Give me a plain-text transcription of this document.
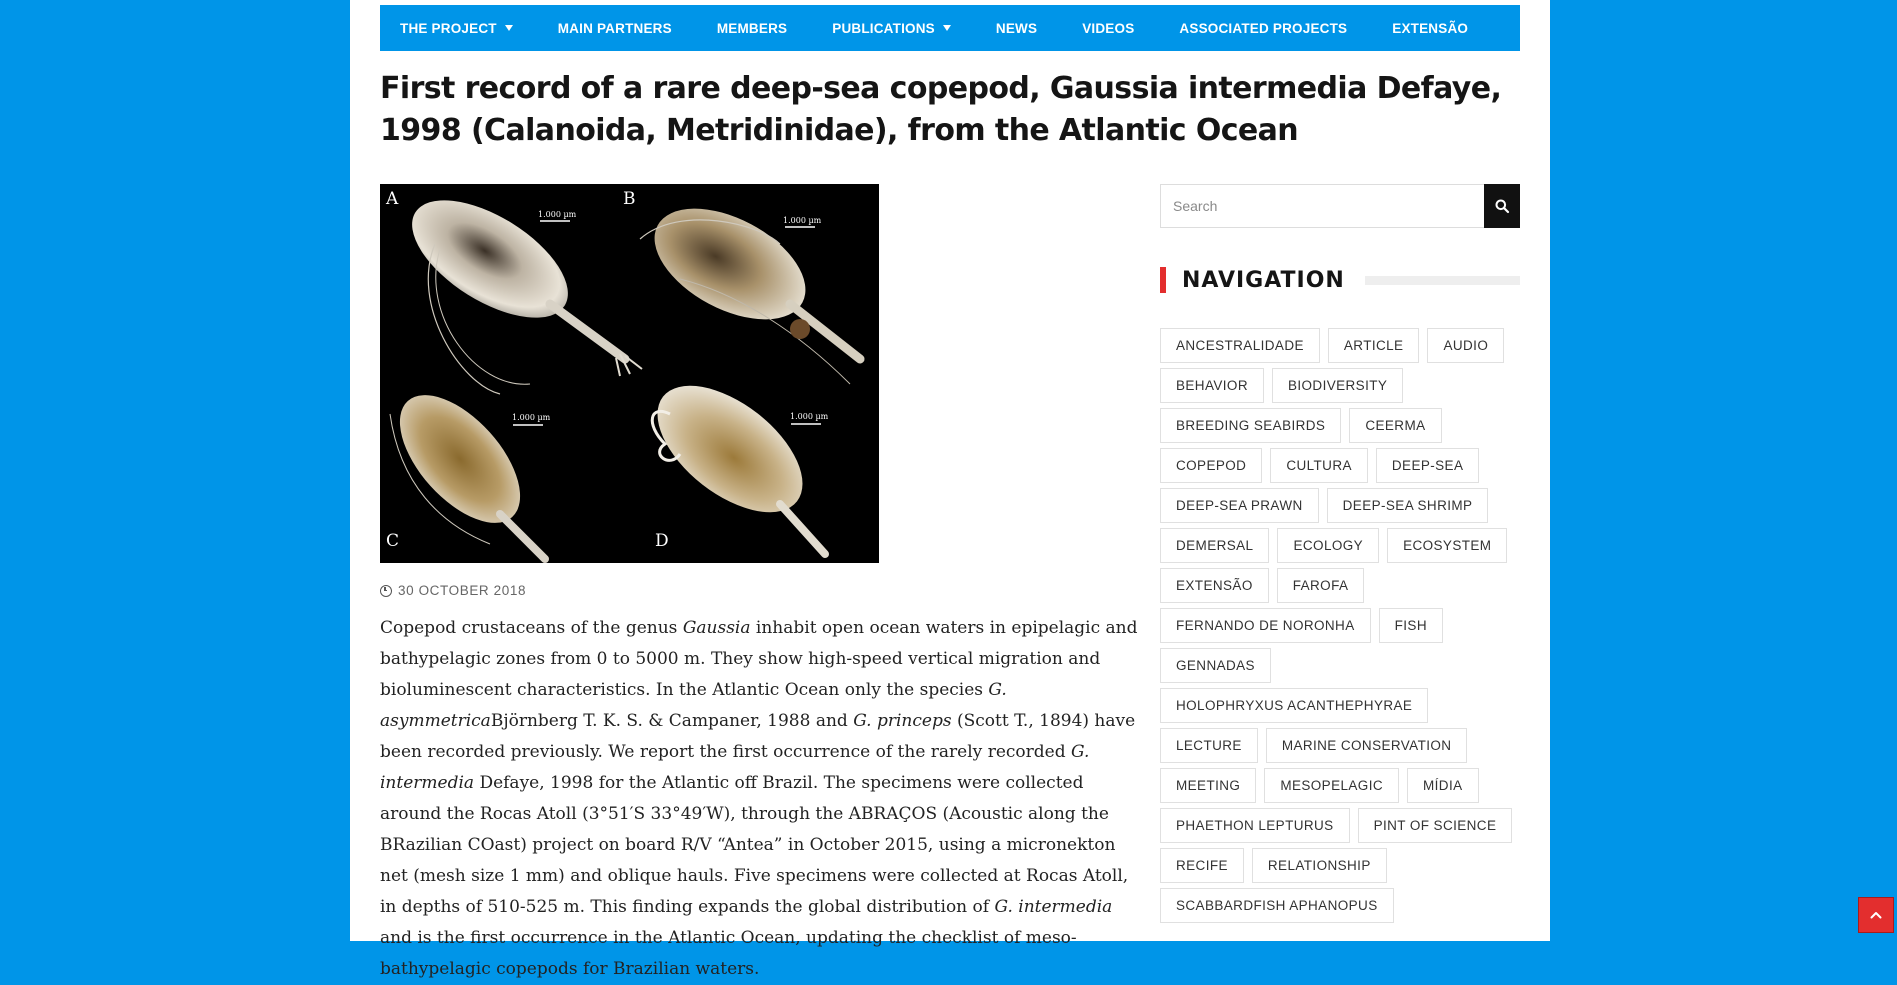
THE PROJECT	MAIN PARTNERS	MEMBERS	PUBLICATIONS	NEWS	VIDEOS	ASSOCIATED PROJECTS	EXTENSÃO
First record of a rare deep-sea copepod, Gaussia intermedia Defaye, 1998 (Calanoida, Metridinidae), from the Atlantic Ocean
1.000 µm
A
1.000 µm
B
1.000 µm
C
1.000 µm
D
30 OCTOBER 2018

Copepod crustaceans of the genus Gaussia inhabit open ocean waters in epipelagic and bathypelagic zones from 0 to 5000 m. They show high-speed vertical migration and bioluminescent characteristics. In the Atlantic Ocean only the species G. asymmetricaBjörnberg T. K. S. & Campaner, 1988 and G. princeps (Scott T., 1894) have been recorded previously. We report the first occurrence of the rarely recorded G. intermedia Defaye, 1998 for the Atlantic off Brazil. The specimens were collected around the Rocas Atoll (3°51′S 33°49′W), through the ABRAÇOS (Acoustic along the BRazilian COast) project on board R/V “Antea” in October 2015, using a micronekton net (mesh size 1 mm) and oblique hauls. Five specimens were collected at Rocas Atoll, in depths of 510-525 m. This finding expands the global distribution of G. intermedia and is the first occurrence in the Atlantic Ocean, updating the checklist of meso-bathypelagic copepods for Brazilian waters.

Search
NAVIGATION
ANCESTRALIDADE	ARTICLE	AUDIO
BEHAVIOR	BIODIVERSITY
BREEDING SEABIRDS	CEERMA
COPEPOD	CULTURA	DEEP-SEA
DEEP-SEA PRAWN	DEEP-SEA SHRIMP
DEMERSAL	ECOLOGY	ECOSYSTEM
EXTENSÃO	FAROFA
FERNANDO DE NORONHA	FISH
GENNADAS
HOLOPHRYXUS ACANTHEPHYRAE
LECTURE	MARINE CONSERVATION
MEETING	MESOPELAGIC	MÍDIA
PHAETHON LEPTURUS	PINT OF SCIENCE
RECIFE	RELATIONSHIP
SCABBARDFISH APHANOPUS
